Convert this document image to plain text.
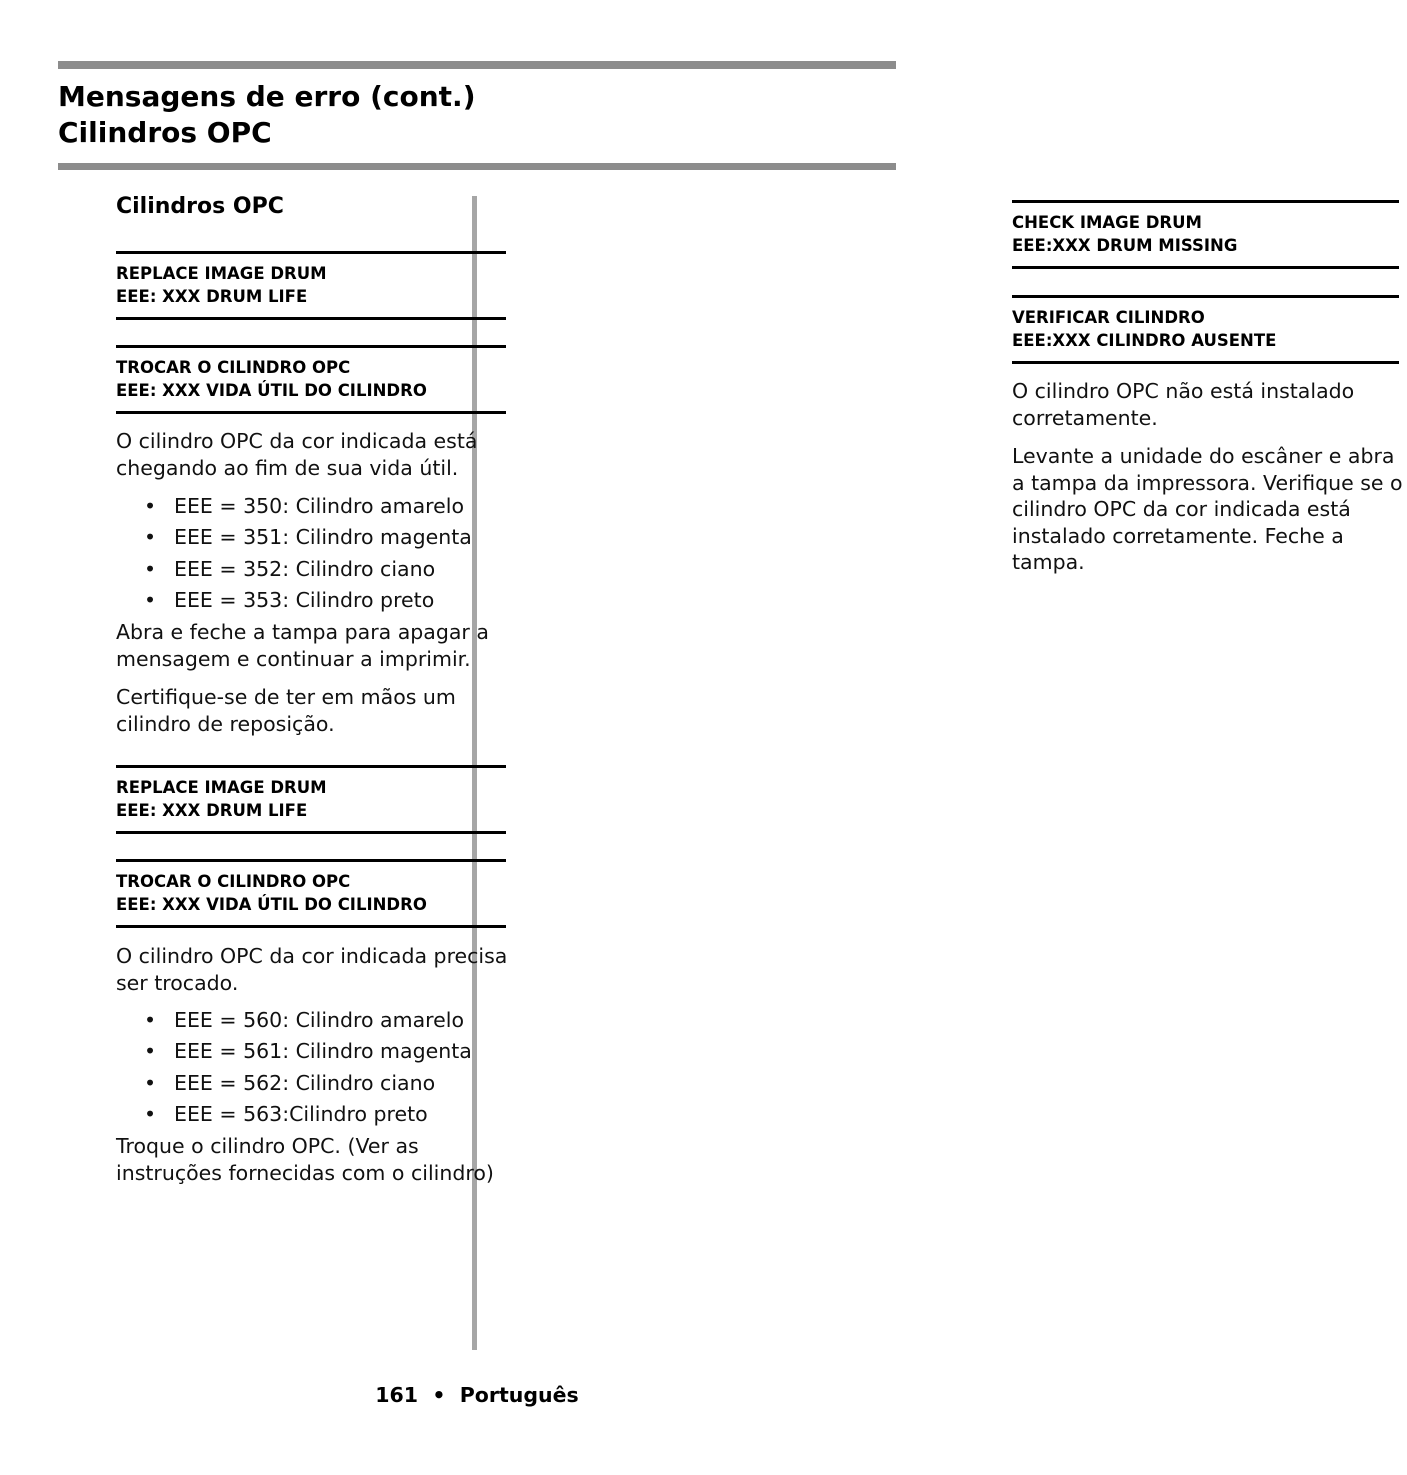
Mensagens de erro (cont.)
Cilindros OPC
Cilindros OPC
REPLACE IMAGE DRUM
EEE: XXX DRUM LIFE
TROCAR O CILINDRO OPC
EEE: XXX VIDA ÚTIL DO CILINDRO

O cilindro OPC da cor indicada está chegando ao fim de sua vida útil.

• EEE = 350: Cilindro amarelo
• EEE = 351: Cilindro magenta
• EEE = 352: Cilindro ciano
• EEE = 353: Cilindro preto

Abra e feche a tampa para apagar a mensagem e continuar a imprimir.

Certifique-se de ter em mãos um cilindro de reposição.

REPLACE IMAGE DRUM
EEE: XXX DRUM LIFE
TROCAR O CILINDRO OPC
EEE: XXX VIDA ÚTIL DO CILINDRO

O cilindro OPC da cor indicada precisa ser trocado.

• EEE = 560: Cilindro amarelo
• EEE = 561: Cilindro magenta
• EEE = 562: Cilindro ciano
• EEE = 563:Cilindro preto

Troque o cilindro OPC. (Ver as instruções fornecidas com o cilindro)

CHECK IMAGE DRUM
EEE:XXX DRUM MISSING
VERIFICAR CILINDRO
EEE:XXX CILINDRO AUSENTE

O cilindro OPC não está instalado corretamente.

Levante a unidade do escâner e abra a tampa da impressora. Verifique se o cilindro OPC da cor indicada está instalado corretamente. Feche a tampa.

161 • Português
